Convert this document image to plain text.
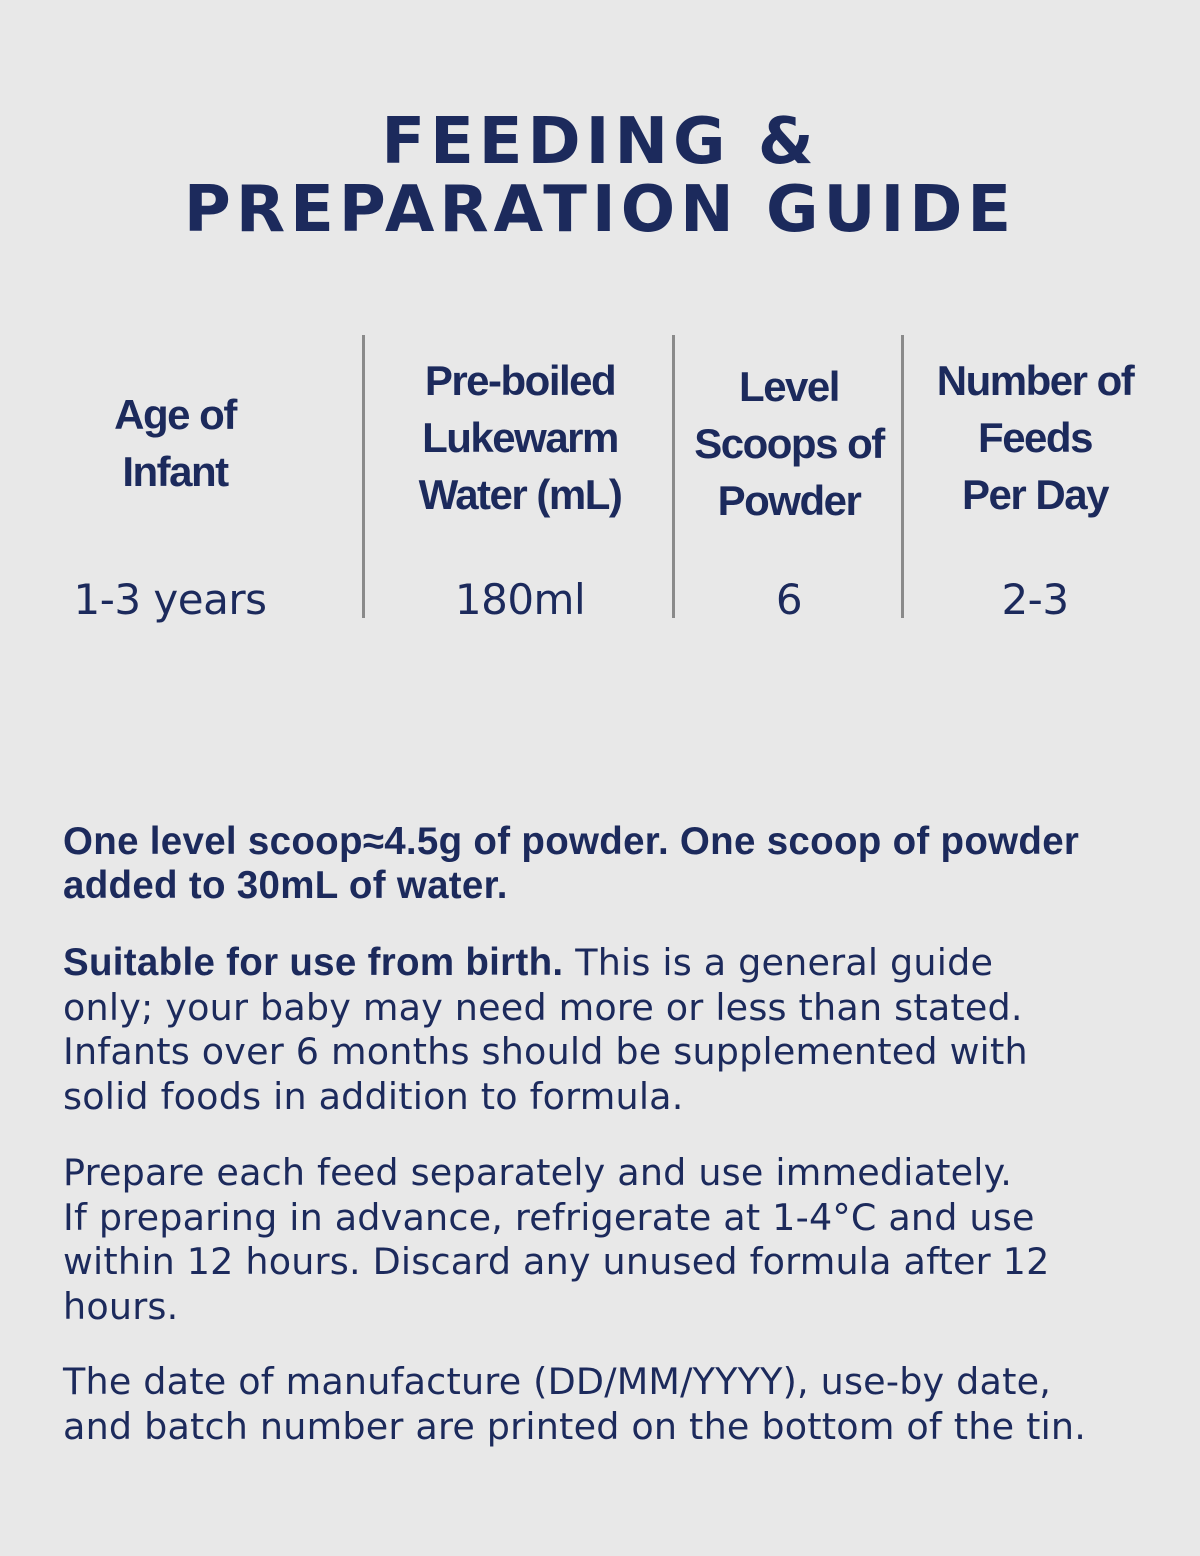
FEEDING &
PREPARATION GUIDE
Age of
Infant
1-3 years
Pre-boiled
Lukewarm
Water (mL)
180ml
Level
Scoops of
Powder
6
Number of
Feeds
Per Day
2-3

One level scoop≈4.5g of powder. One scoop of powder
added to 30mL of water.

Suitable for use from birth. This is a general guide
only; your baby may need more or less than stated.
Infants over 6 months should be supplemented with
solid foods in addition to formula.

Prepare each feed separately and use immediately.
If preparing in advance, refrigerate at 1-4°C and use
within 12 hours. Discard any unused formula after 12
hours.

The date of manufacture (DD/MM/YYYY), use-by date,
and batch number are printed on the bottom of the tin.
